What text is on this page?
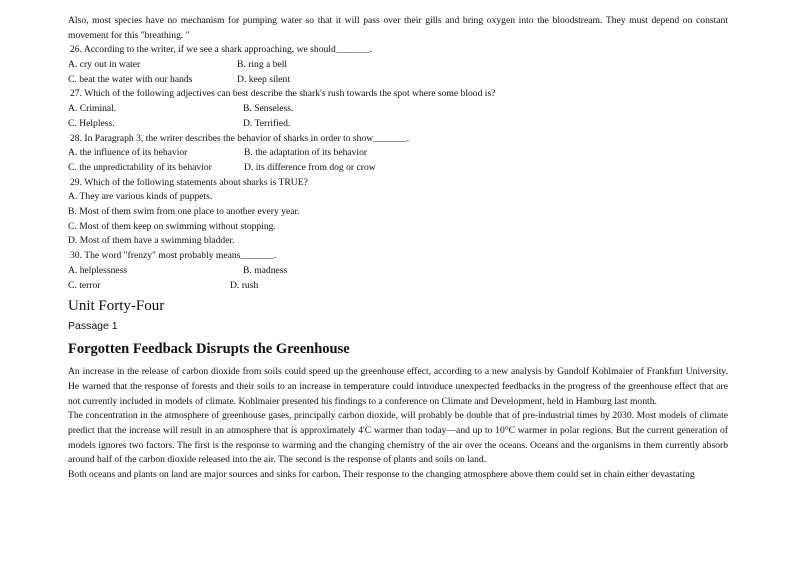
Also, most species have no mechanism for pumping water so that it will pass over their gills and bring oxygen into the bloodstream. They must depend on constant movement for this "breathing. "
26. According to the writer, if we see a shark approaching, we should_______.
A. cry out in water	B. ring a bell
C. beat the water with our hands	D. keep silent
27. Which of the following adjectives can best describe the shark's rush towards the spot where some blood is?
A. Criminal.	B. Senseless.
C. Helpless.	D. Terrified.
28. In Paragraph 3, the writer describes the behavior of sharks in order to show_______.
A. the influence of its behavior	B. the adaptation of its behavior
C. the unpredictability of its behavior	D. its difference from dog or crow
29. Which of the following statements about sharks is TRUE?
A. They are various kinds of puppets.
B. Most of them swim from one place to another every year.
C. Most of them keep on swimming without stopping.
D. Most of them have a swimming bladder.
30. The word "frenzy" most probably means_______.
A. helplessness	B. madness
C. terror	D. rush
Unit Forty-Four
Passage 1
Forgotten Feedback Disrupts the Greenhouse
An increase in the release of carbon dioxide from soils could speed up the greenhouse effect, according to a new analysis by Gundolf Kohlmaier of Frankfurt University. He warned that the response of forests and their soils to an increase in temperature could introduce unexpected feedbacks in the progress of the greenhouse effect that are not currently included in models of climate. Kohlmaier presented his findings to a conference on Climate and Development, held in Hamburg last month.
The concentration in the atmosphere of greenhouse gases, principally carbon dioxide, will probably be double that of pre-industrial times by 2030. Most models of climate predict that the increase will result in an atmosphere that is approximately 4'C warmer than today—and up to 10°C warmer in polar regions. But the current generation of models ignores two factors. The first is the response to warming and the changing chemistry of the air over the oceans. Oceans and the organisms in them currently absorb around half of the carbon dioxide released into the air. The second is the response of plants and soils on land.
Both oceans and plants on land are major sources and sinks for carbon. Their response to the changing atmosphere above them could set in chain either devastating
